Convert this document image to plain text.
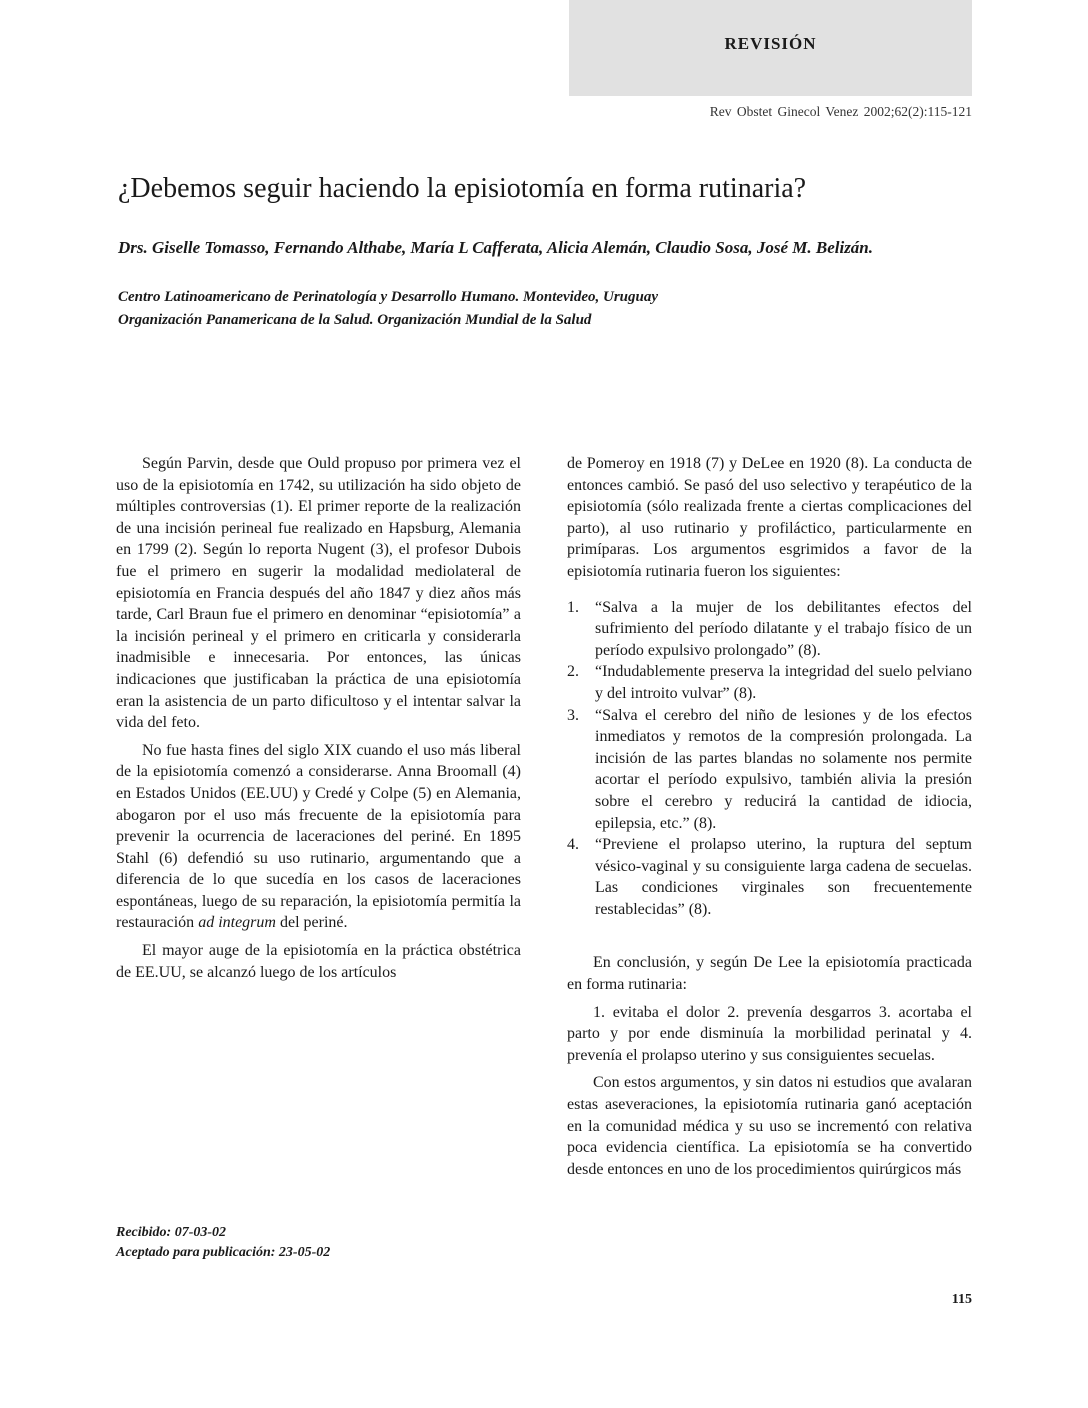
REVISIÓN
Rev Obstet Ginecol Venez 2002;62(2):115-121
¿Debemos seguir haciendo la episiotomía en forma rutinaria?
Drs. Giselle Tomasso, Fernando Althabe, María L Cafferata, Alicia Alemán, Claudio Sosa, José M. Belizán.
Centro Latinoamericano de Perinatología y Desarrollo Humano. Montevideo, Uruguay
Organización Panamericana de la Salud. Organización Mundial de la Salud

Según Parvin, desde que Ould propuso por primera vez el uso de la episiotomía en 1742, su utilización ha sido objeto de múltiples controversias (1). El primer reporte de la realización de una incisión perineal fue realizado en Hapsburg, Alemania en 1799 (2). Según lo reporta Nugent (3), el profesor Dubois fue el primero en sugerir la modalidad mediolateral de episiotomía en Francia después del año 1847 y diez años más tarde, Carl Braun fue el primero en denominar “episiotomía” a la incisión perineal y el primero en criticarla y considerarla inadmisible e innecesaria. Por entonces, las únicas indicaciones que justificaban la práctica de una episiotomía eran la asistencia de un parto dificultoso y el intentar salvar la vida del feto.

No fue hasta fines del siglo XIX cuando el uso más liberal de la episiotomía comenzó a considerarse. Anna Broomall (4) en Estados Unidos (EE.UU) y Credé y Colpe (5) en Alemania, abogaron por el uso más frecuente de la episiotomía para prevenir la ocurrencia de laceraciones del periné. En 1895 Stahl (6) defendió su uso rutinario, argumentando que a diferencia de lo que sucedía en los casos de laceraciones espontáneas, luego de su reparación, la episiotomía permitía la restauración ad integrum del periné.

El mayor auge de la episiotomía en la práctica obstétrica de EE.UU, se alcanzó luego de los artículos

Recibido: 07-03-02
Aceptado para publicación: 23-05-02

de Pomeroy en 1918 (7) y DeLee en 1920 (8). La conducta de entonces cambió. Se pasó del uso selectivo y terapéutico de la episiotomía (sólo realizada frente a ciertas complicaciones del parto), al uso rutinario y profiláctico, particularmente en primíparas. Los argumentos esgrimidos a favor de la episiotomía rutinaria fueron los siguientes:

1. “Salva a la mujer de los debilitantes efectos del sufrimiento del período dilatante y el trabajo físico de un período expulsivo prolongado” (8).
2. “Indudablemente preserva la integridad del suelo pelviano y del introito vulvar” (8).
3. “Salva el cerebro del niño de lesiones y de los efectos inmediatos y remotos de la compresión prolongada. La incisión de las partes blandas no solamente nos permite acortar el período expulsivo, también alivia la presión sobre el cerebro y reducirá la cantidad de idiocia, epilepsia, etc.” (8).
4. “Previene el prolapso uterino, la ruptura del septum vésico-vaginal y su consiguiente larga cadena de secuelas. Las condiciones virginales son frecuentemente restablecidas” (8).

En conclusión, y según De Lee la episiotomía practicada en forma rutinaria:

1. evitaba el dolor 2. prevenía desgarros 3. acortaba el parto y por ende disminuía la morbilidad perinatal y 4. prevenía el prolapso uterino y sus consiguientes secuelas.

Con estos argumentos, y sin datos ni estudios que avalaran estas aseveraciones, la episiotomía rutinaria ganó aceptación en la comunidad médica y su uso se incrementó con relativa poca evidencia científica. La episiotomía se ha convertido desde entonces en uno de los procedimientos quirúrgicos más

115
